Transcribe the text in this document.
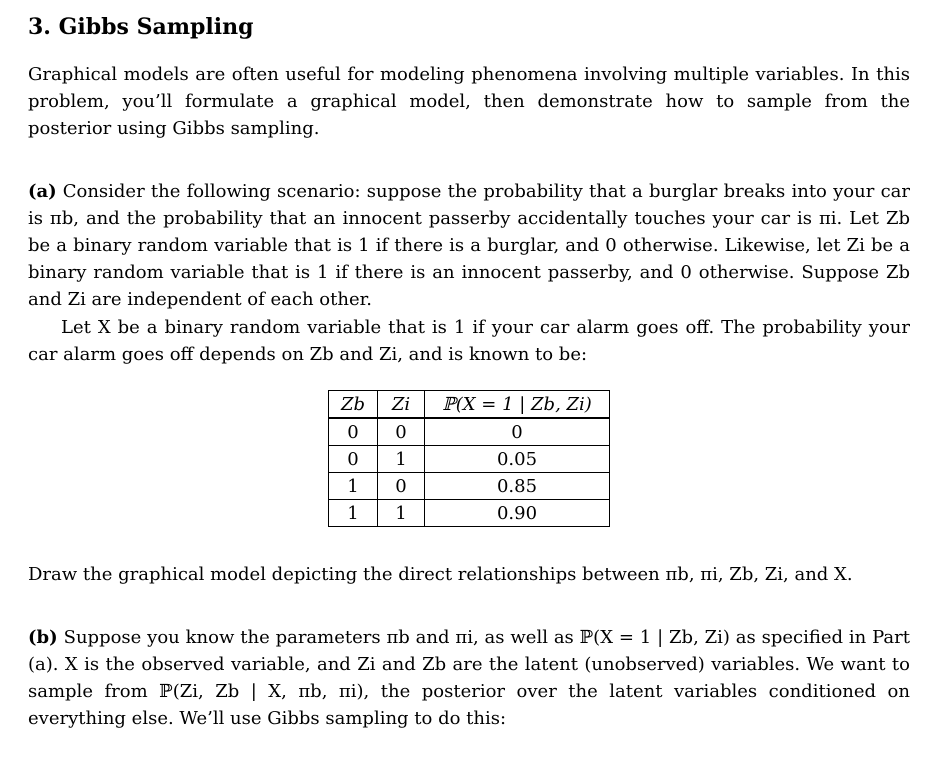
3. Gibbs Sampling

Graphical models are often useful for modeling phenomena involving multiple variables. In this problem, you’ll formulate a graphical model, then demonstrate how to sample from the posterior using Gibbs sampling.

(a) Consider the following scenario: suppose the probability that a burglar breaks into your car is πb, and the probability that an innocent passerby accidentally touches your car is πi. Let Zb be a binary random variable that is 1 if there is a burglar, and 0 otherwise. Likewise, let Zi be a binary random variable that is 1 if there is an innocent passerby, and 0 otherwise. Suppose Zb and Zi are independent of each other.

Let X be a binary random variable that is 1 if your car alarm goes off. The probability your car alarm goes off depends on Zb and Zi, and is known to be:

Zb	Zi	ℙ(X = 1 | Zb, Zi)
0	0	0
0	1	0.05
1	0	0.85
1	1	0.90

Draw the graphical model depicting the direct relationships between πb, πi, Zb, Zi, and X.

(b) Suppose you know the parameters πb and πi, as well as ℙ(X = 1 | Zb, Zi) as specified in Part (a). X is the observed variable, and Zi and Zb are the latent (unobserved) variables. We want to sample from ℙ(Zi, Zb | X, πb, πi), the posterior over the latent variables conditioned on everything else. We’ll use Gibbs sampling to do this:
